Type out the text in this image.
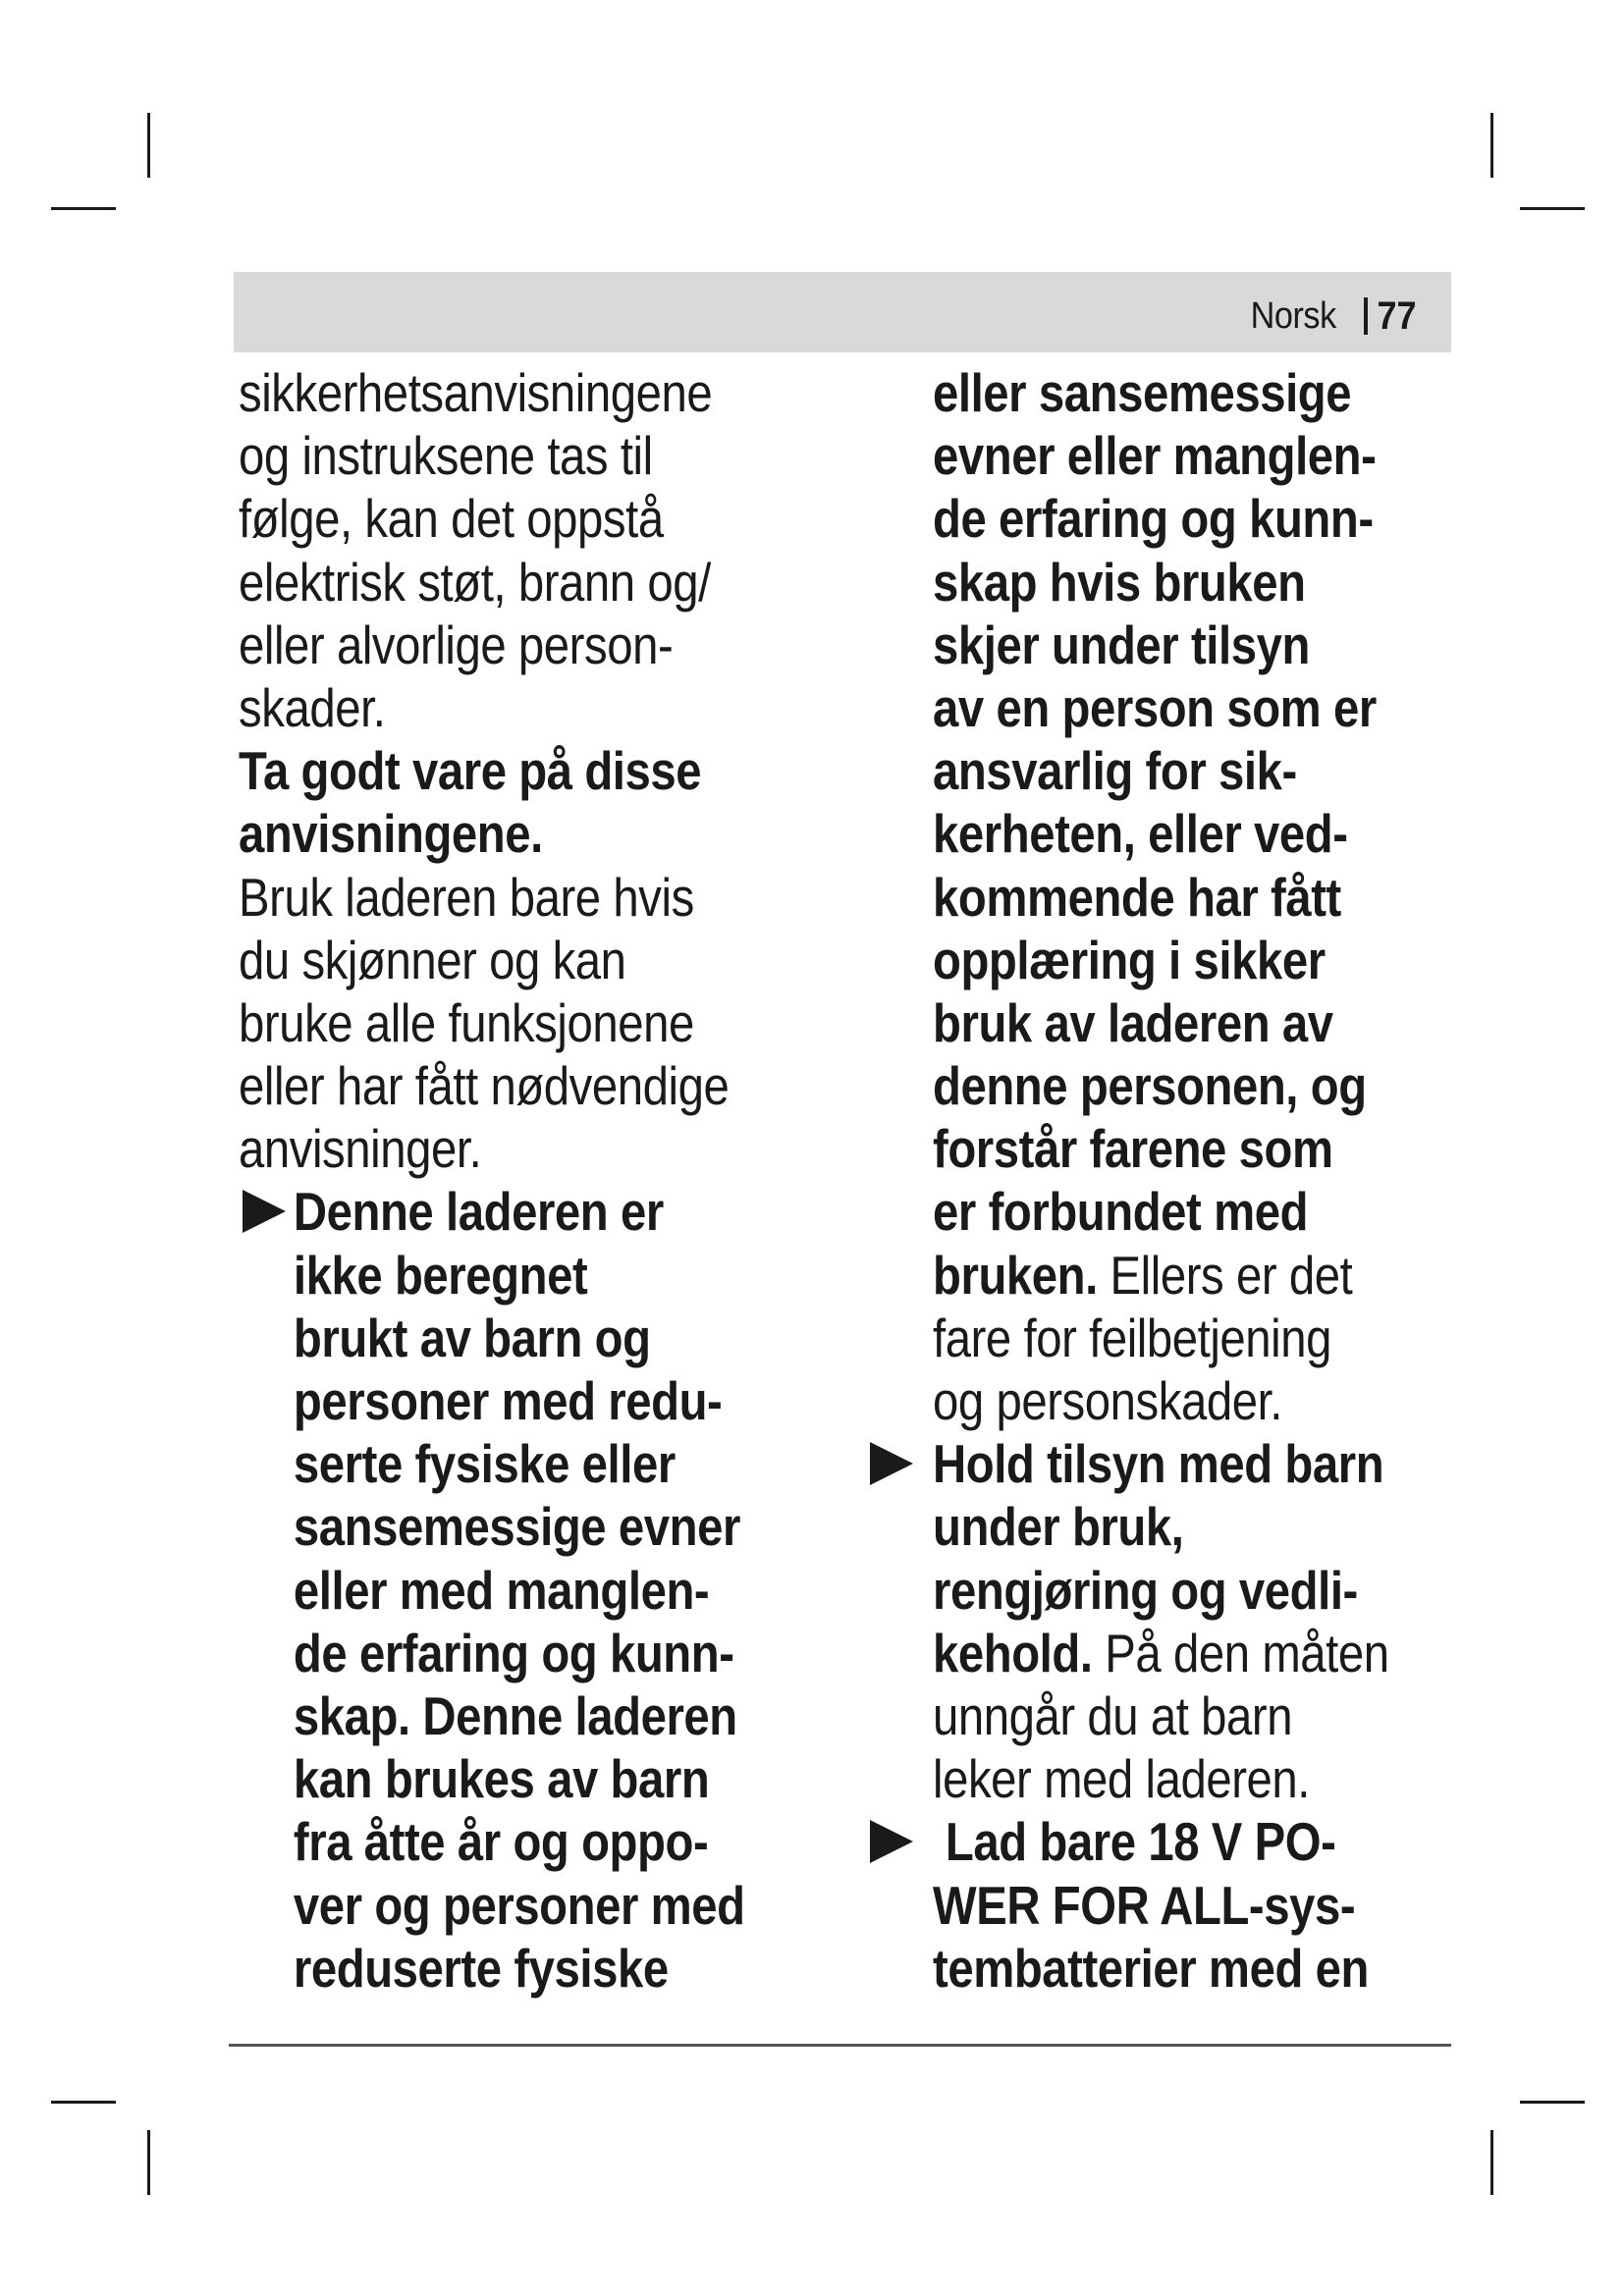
Norsk 77
sikkerhetsanvisningene
og instruksene tas til
følge, kan det oppstå
elektrisk støt, brann og/
eller alvorlige person-
skader.
Ta godt vare på disse
anvisningene.
Bruk laderen bare hvis
du skjønner og kan
bruke alle funksjonene
eller har fått nødvendige
anvisninger.
Denne laderen er
ikke beregnet
brukt av barn og
personer med redu-
serte fysiske eller
sansemessige evner
eller med manglen-
de erfaring og kunn-
skap. Denne laderen
kan brukes av barn
fra åtte år og oppo-
ver og personer med
reduserte fysiske
eller sansemessige
evner eller manglen-
de erfaring og kunn-
skap hvis bruken
skjer under tilsyn
av en person som er
ansvarlig for sik-
kerheten, eller ved-
kommende har fått
opplæring i sikker
bruk av laderen av
denne personen, og
forstår farene som
er forbundet med
bruken. Ellers er det
fare for feilbetjening
og personskader.
Hold tilsyn med barn
under bruk,
rengjøring og vedli-
kehold. På den måten
unngår du at barn
leker med laderen.
Lad bare 18 V PO-
WER FOR ALL-sys-
tembatterier med en
